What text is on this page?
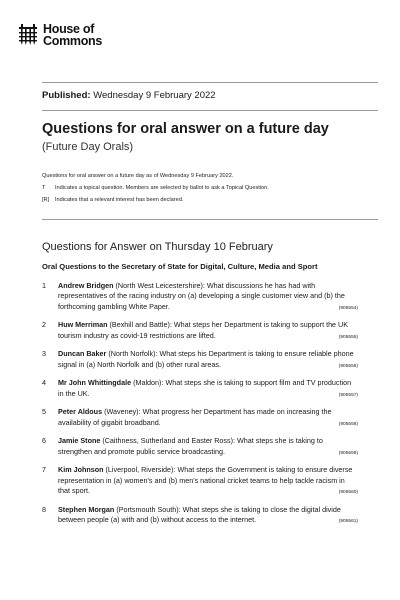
House of
Commons
Published: Wednesday 9 February 2022
Questions for oral answer on a future day
(Future Day Orals)
Questions for oral answer on a future day as of Wednesday 9 February 2022.
T Indicates a topical question. Members are selected by ballot to ask a Topical Question.
[R] Indicates that a relevant interest has been declared.
Questions for Answer on Thursday 10 February
Oral Questions to the Secretary of State for Digital, Culture, Media and Sport
1	Andrew Bridgen (North West Leicestershire): What discussions he has had with representatives of the racing industry on (a) developing a single customer view and (b) the forthcoming gambling White Paper.	(905554)
2	Huw Merriman (Bexhill and Battle): What steps her Department is taking to support the UK tourism industry as covid-19 restrictions are lifted.	(905555)
3	Duncan Baker (North Norfolk): What steps his Department is taking to ensure reliable phone signal in (a) North Norfolk and (b) other rural areas.	(905556)
4	Mr John Whittingdale (Maldon): What steps she is taking to support film and TV production in the UK.	(905557)
5	Peter Aldous (Waveney): What progress her Department has made on increasing the availability of gigabit broadband.	(905558)
6	Jamie Stone (Caithness, Sutherland and Easter Ross): What steps she is taking to strengthen and promote public service broadcasting.	(905559)
7	Kim Johnson (Liverpool, Riverside): What steps the Government is taking to ensure diverse representation in (a) women's and (b) men's national cricket teams to help tackle racism in that sport.	(905560)
8	Stephen Morgan (Portsmouth South): What steps she is taking to close the digital divide between people (a) with and (b) without access to the internet.	(905561)
